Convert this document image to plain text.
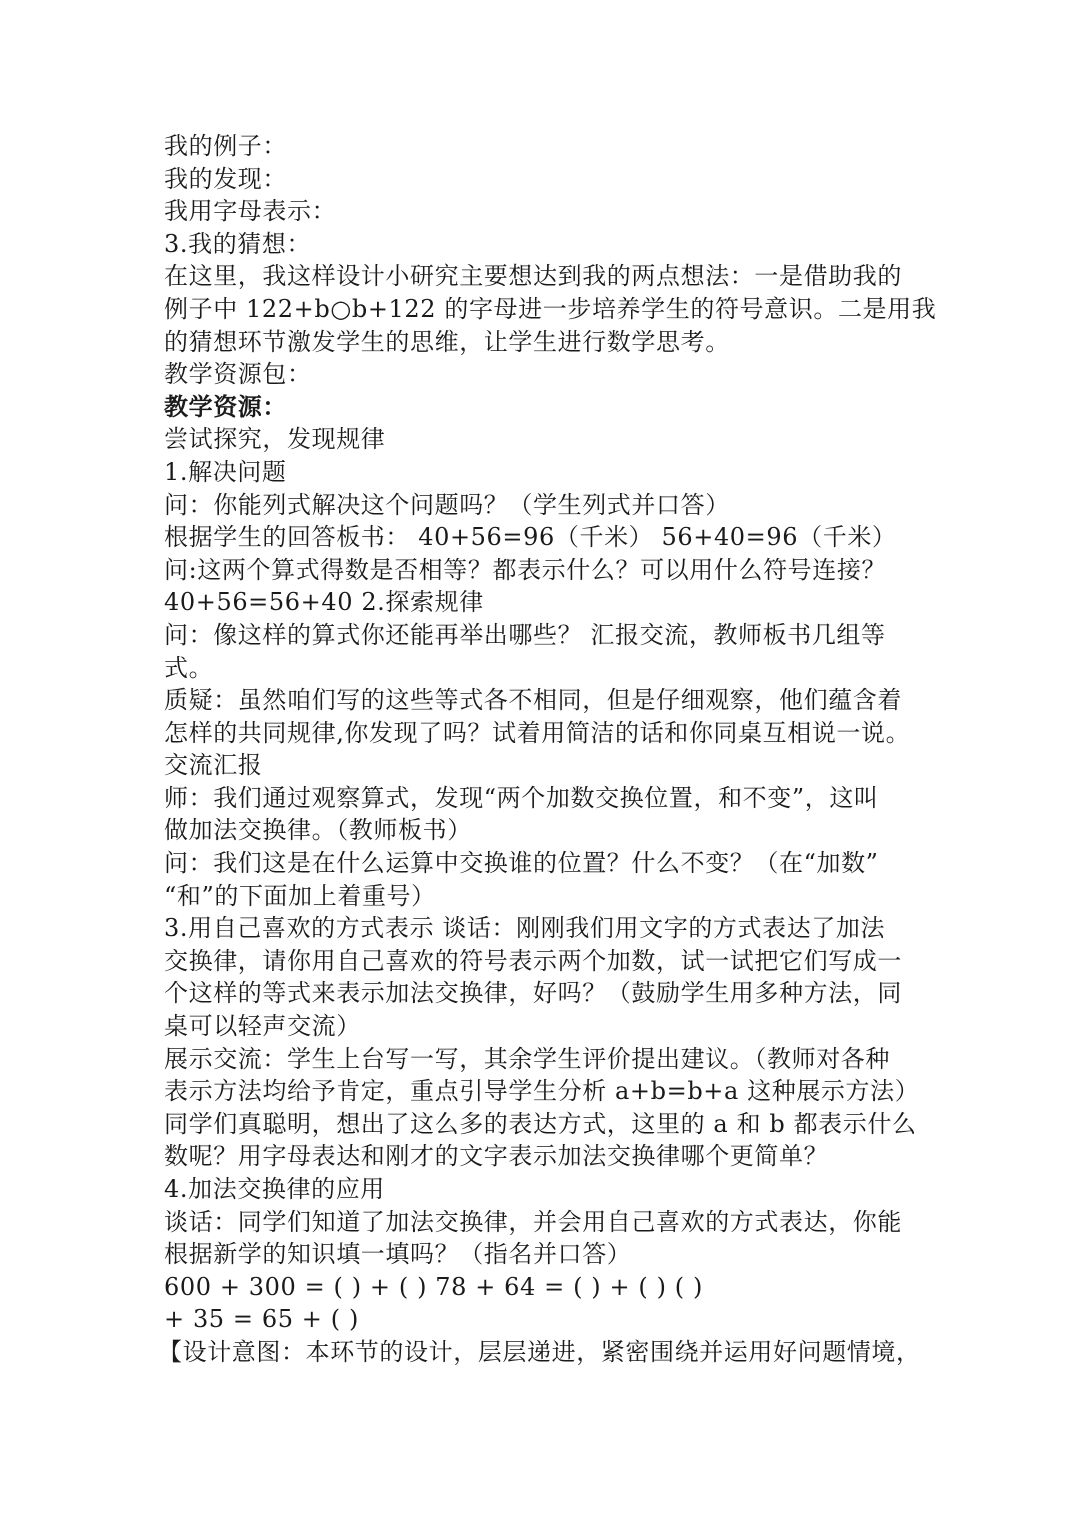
我的例子：
我的发现：
我用字母表示：
3.我的猜想：
在这里，我这样设计小研究主要想达到我的两点想法：一是借助我的
例子中 122+b○b+122 的字母进一步培养学生的符号意识。二是用我
的猜想环节激发学生的思维，让学生进行数学思考。
教学资源包：
教学资源：
尝试探究，发现规律
1.解决问题
问：你能列式解决这个问题吗？（学生列式并口答）
根据学生的回答板书： 40+56=96（千米） 56+40=96（千米）
问:这两个算式得数是否相等？都表示什么？可以用什么符号连接？
40+56=56+40 2.探索规律
问：像这样的算式你还能再举出哪些？ 汇报交流，教师板书几组等
式。
质疑：虽然咱们写的这些等式各不相同，但是仔细观察，他们蕴含着
怎样的共同规律,你发现了吗？试着用简洁的话和你同桌互相说一说。
交流汇报
师：我们通过观察算式，发现“两个加数交换位置，和不变”，这叫
做加法交换律。（教师板书）
问：我们这是在什么运算中交换谁的位置？什么不变？（在“加数”
“和”的下面加上着重号）
3.用自己喜欢的方式表示 谈话：刚刚我们用文字的方式表达了加法
交换律，请你用自己喜欢的符号表示两个加数，试一试把它们写成一
个这样的等式来表示加法交换律，好吗？（鼓励学生用多种方法，同
桌可以轻声交流）
展示交流：学生上台写一写，其余学生评价提出建议。（教师对各种
表示方法均给予肯定，重点引导学生分析 a+b=b+a 这种展示方法）
同学们真聪明，想出了这么多的表达方式，这里的 a 和 b 都表示什么
数呢？用字母表达和刚才的文字表示加法交换律哪个更简单？
4.加法交换律的应用
谈话：同学们知道了加法交换律，并会用自己喜欢的方式表达，你能
根据新学的知识填一填吗？（指名并口答）
600 + 300 = ( ) + ( ) 78 + 64 = ( ) + ( ) ( )
+ 35 = 65 + ( )
【设计意图：本环节的设计，层层递进，紧密围绕并运用好问题情境，
